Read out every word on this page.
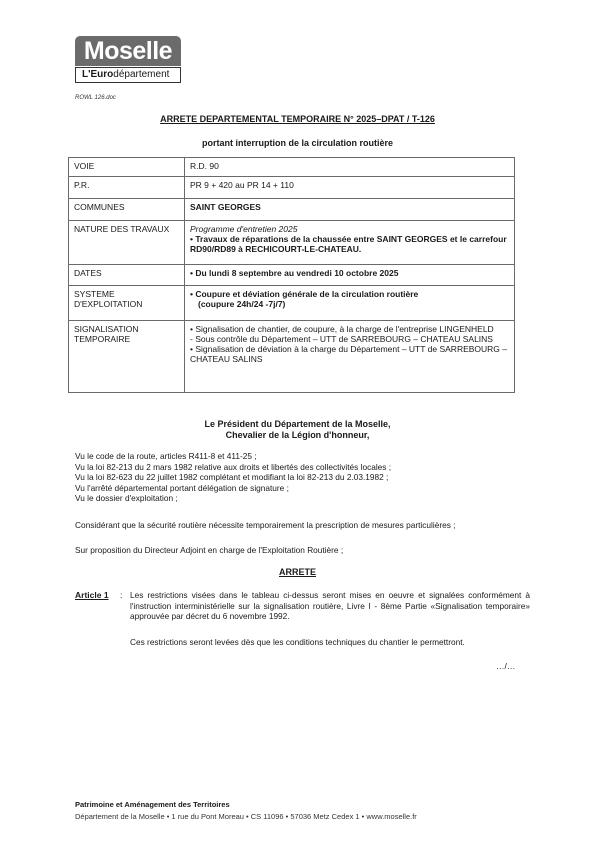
Moselle
L'Eurodépartement
ROWL 126.doc
ARRETE DEPARTEMENTAL TEMPORAIRE N° 2025–DPAT / T-126
portant interruption de la circulation routière
VOIE	R.D. 90
P.R.	PR 9 + 420 au PR 14 + 110
COMMUNES	SAINT GEORGES
NATURE DES TRAVAUX	Programme d'entretien 2025
• Travaux de réparations de la chaussée entre SAINT GEORGES et le carrefour RD90/RD89 à RECHICOURT-LE-CHATEAU.

DATES	• Du lundi 8 septembre au vendredi 10 octobre 2025
SYSTEME D'EXPLOITATION	• Coupure et déviation générale de la circulation routière
(coupure 24h/24 -7j/7)

SIGNALISATION TEMPORAIRE	• Signalisation de chantier, de coupure, à la charge de l'entreprise LINGENHELD
- Sous contrôle du Département – UTT de SARREBOURG – CHATEAU SALINS
• Signalisation de déviation à la charge du Département – UTT de SARREBOURG – CHATEAU SALINS
Le Président du Département de la Moselle,
Chevalier de la Légion d'honneur,
Vu le code de la route, articles R411-8 et 411-25 ;
Vu la loi 82-213 du 2 mars 1982 relative aux droits et libertés des collectivités locales ;
Vu la loi 82-623 du 22 juillet 1982 complétant et modifiant la loi 82-213 du 2.03.1982 ;
Vu l'arrêté départemental portant délégation de signature ;
Vu le dossier d'exploitation ;
Considérant que la sécurité routière nécessite temporairement la prescription de mesures particulières ;
Sur proposition du Directeur Adjoint en charge de l'Exploitation Routière ;
ARRETE
Article 1 : Les restrictions visées dans le tableau ci-dessus seront mises en oeuvre et signalées conformément à l'instruction interministérielle sur la signalisation routière, Livre I - 8ème Partie «Signalisation temporaire» approuvée par décret du 6 novembre 1992.
Ces restrictions seront levées dès que les conditions techniques du chantier le permettront.
…/…
Patrimoine et Aménagement des Territoires
Département de la Moselle • 1 rue du Pont Moreau • CS 11096 • 57036 Metz Cedex 1 • www.moselle.fr
